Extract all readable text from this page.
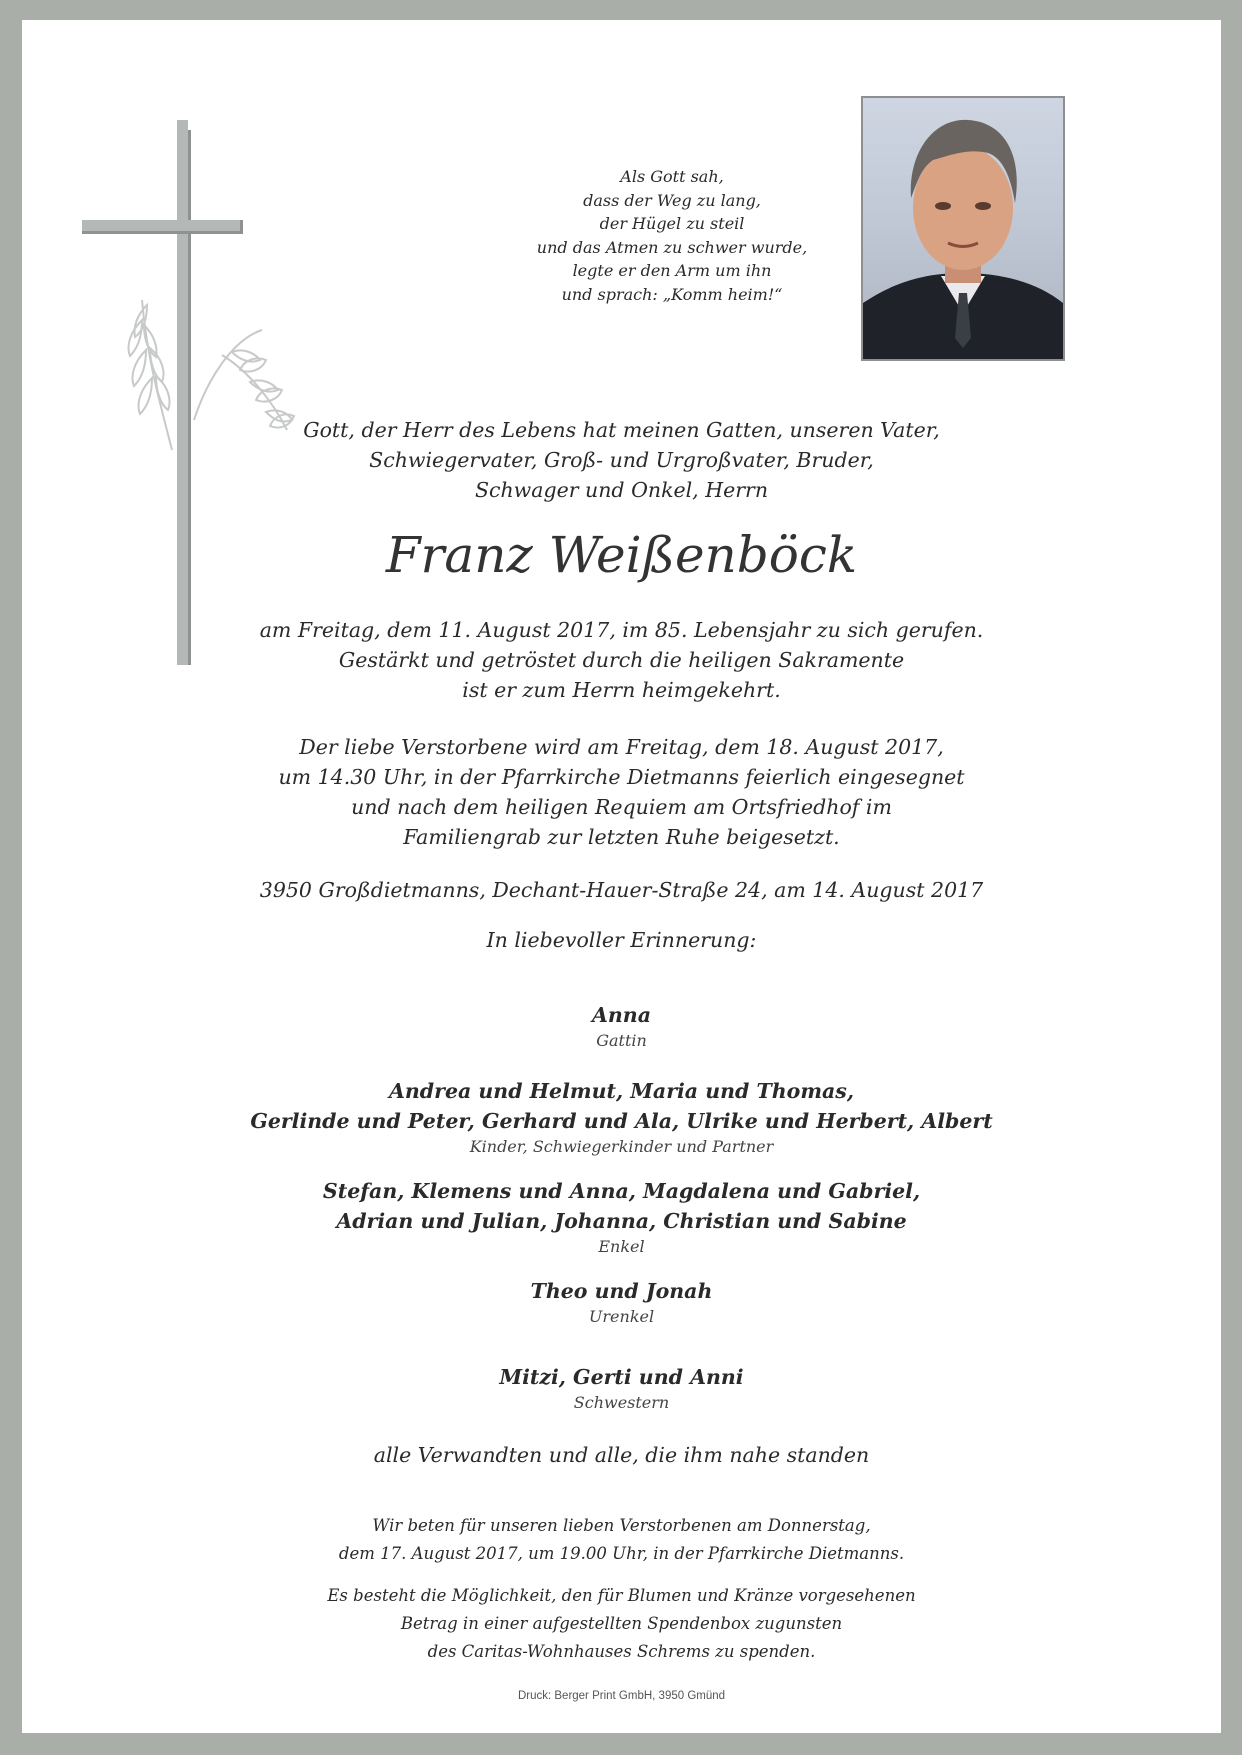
Als Gott sah,
dass der Weg zu lang,
der Hügel zu steil
und das Atmen zu schwer wurde,
legte er den Arm um ihn
und sprach: „Komm heim!“
Gott, der Herr des Lebens hat meinen Gatten, unseren Vater,
Schwiegervater, Groß- und Urgroßvater, Bruder,
Schwager und Onkel, Herrn
Franz Weißenböck
am Freitag, dem 11. August 2017, im 85. Lebensjahr zu sich gerufen.
Gestärkt und getröstet durch die heiligen Sakramente
ist er zum Herrn heimgekehrt.
Der liebe Verstorbene wird am Freitag, dem 18. August 2017,
um 14.30 Uhr, in der Pfarrkirche Dietmanns feierlich eingesegnet
und nach dem heiligen Requiem am Ortsfriedhof im
Familiengrab zur letzten Ruhe beigesetzt.
3950 Großdietmanns, Dechant-Hauer-Straße 24, am 14. August 2017
In liebevoller Erinnerung:
Anna
Gattin
Andrea und Helmut, Maria und Thomas,
Gerlinde und Peter, Gerhard und Ala, Ulrike und Herbert, Albert
Kinder, Schwiegerkinder und Partner
Stefan, Klemens und Anna, Magdalena und Gabriel,
Adrian und Julian, Johanna, Christian und Sabine
Enkel
Theo und Jonah
Urenkel
Mitzi, Gerti und Anni
Schwestern
alle Verwandten und alle, die ihm nahe standen
Wir beten für unseren lieben Verstorbenen am Donnerstag,
dem 17. August 2017, um 19.00 Uhr, in der Pfarrkirche Dietmanns.
Es besteht die Möglichkeit, den für Blumen und Kränze vorgesehenen
Betrag in einer aufgestellten Spendenbox zugunsten
des Caritas-Wohnhauses Schrems zu spenden.
Druck: Berger Print GmbH, 3950 Gmünd
